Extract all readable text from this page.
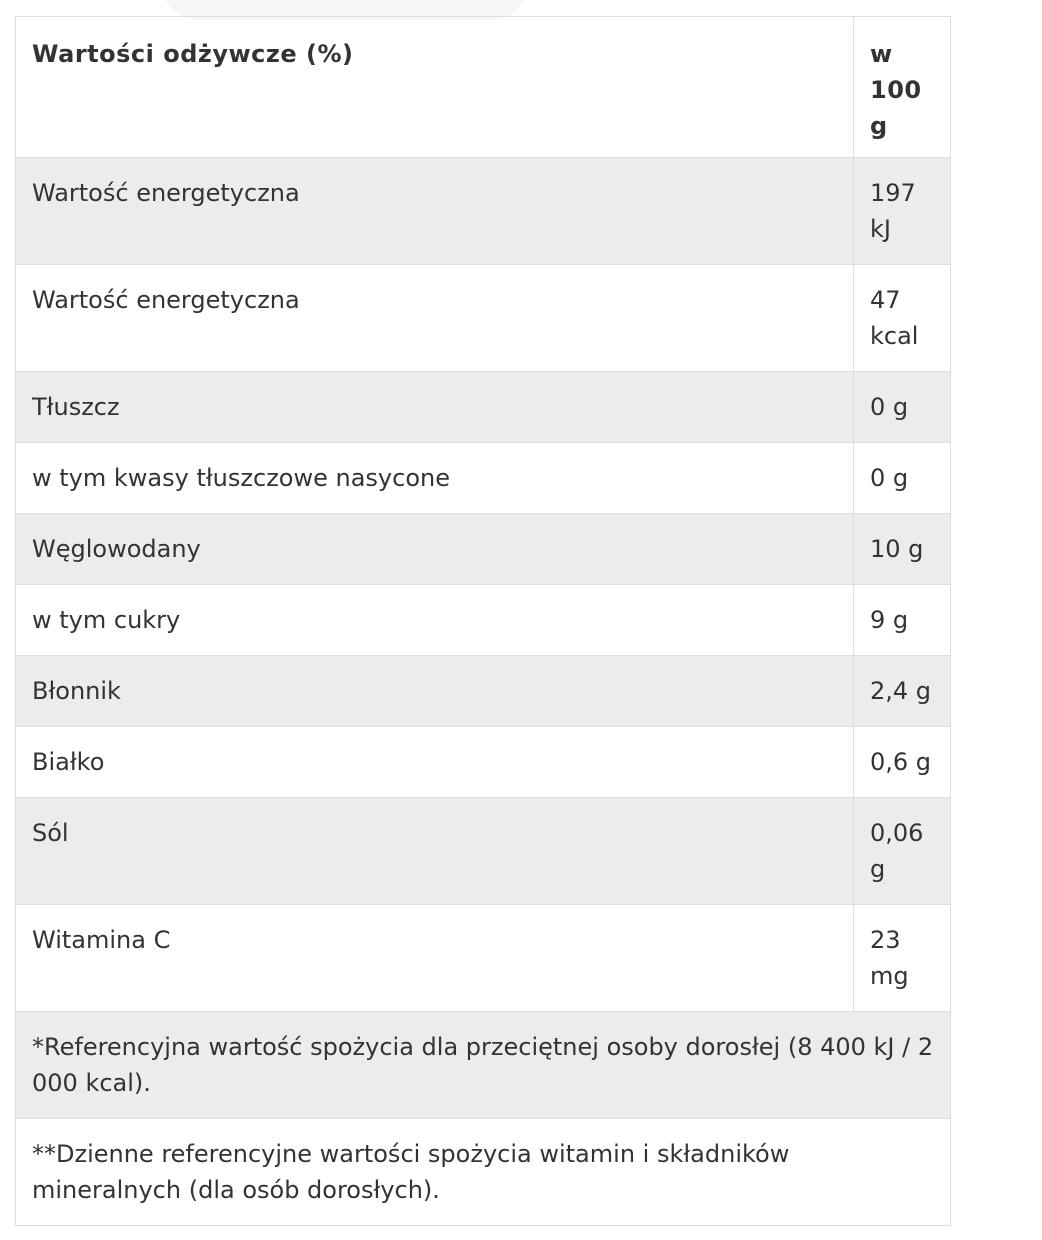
Wartości odżywcze (%)	w 100 g
Wartość energetyczna	197 kJ
Wartość energetyczna	47 kcal
Tłuszcz	0 g
w tym kwasy tłuszczowe nasycone	0 g
Węglowodany	10 g
w tym cukry	9 g
Błonnik	2,4 g
Białko	0,6 g
Sól	0,06 g
Witamina C	23 mg
*Referencyjna wartość spożycia dla przeciętnej osoby dorosłej (8 400 kJ / 2 000 kcal).	
**Dzienne referencyjne wartości spożycia witamin i składników mineralnych (dla osób dorosłych).	
